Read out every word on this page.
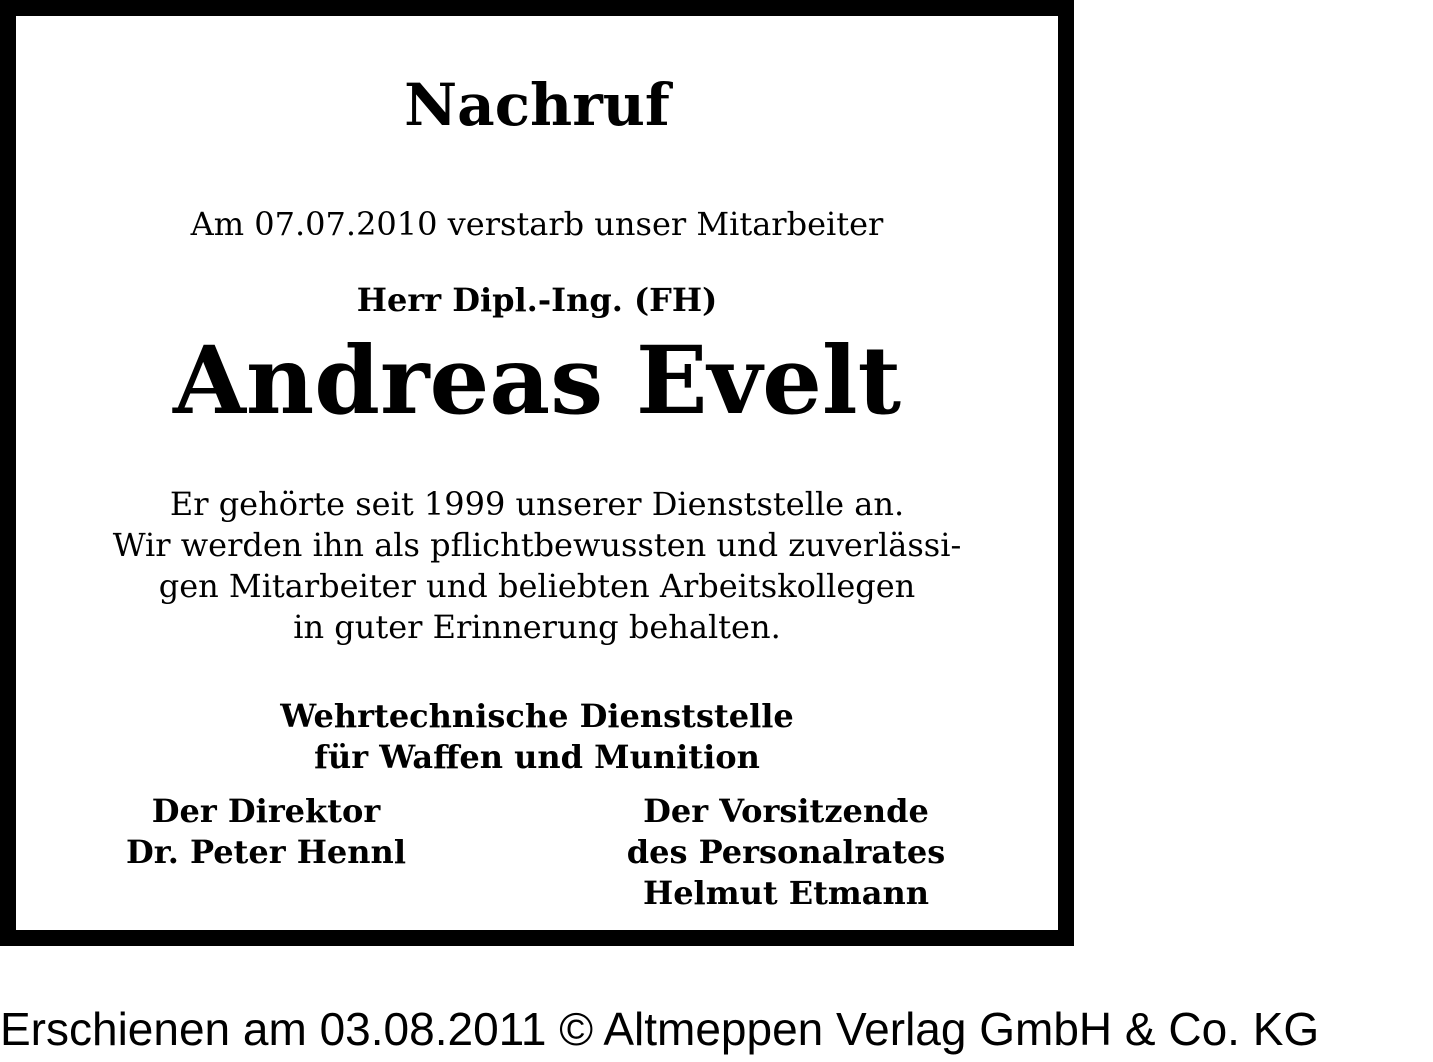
Nachruf
Am 07.07.2010 verstarb unser Mitarbeiter
Herr Dipl.-Ing. (FH)
Andreas Evelt
Er gehörte seit 1999 unserer Dienststelle an.
Wir werden ihn als pflichtbewussten und zuverlässi-
gen Mitarbeiter und beliebten Arbeitskollegen
in guter Erinnerung behalten.
Wehrtechnische Dienststelle
für Waffen und Munition
Der Direktor
Dr. Peter Hennl
Der Vorsitzende
des Personalrates
Helmut Etmann
Erschienen am 03.08.2011 © Altmeppen Verlag GmbH & Co. KG
